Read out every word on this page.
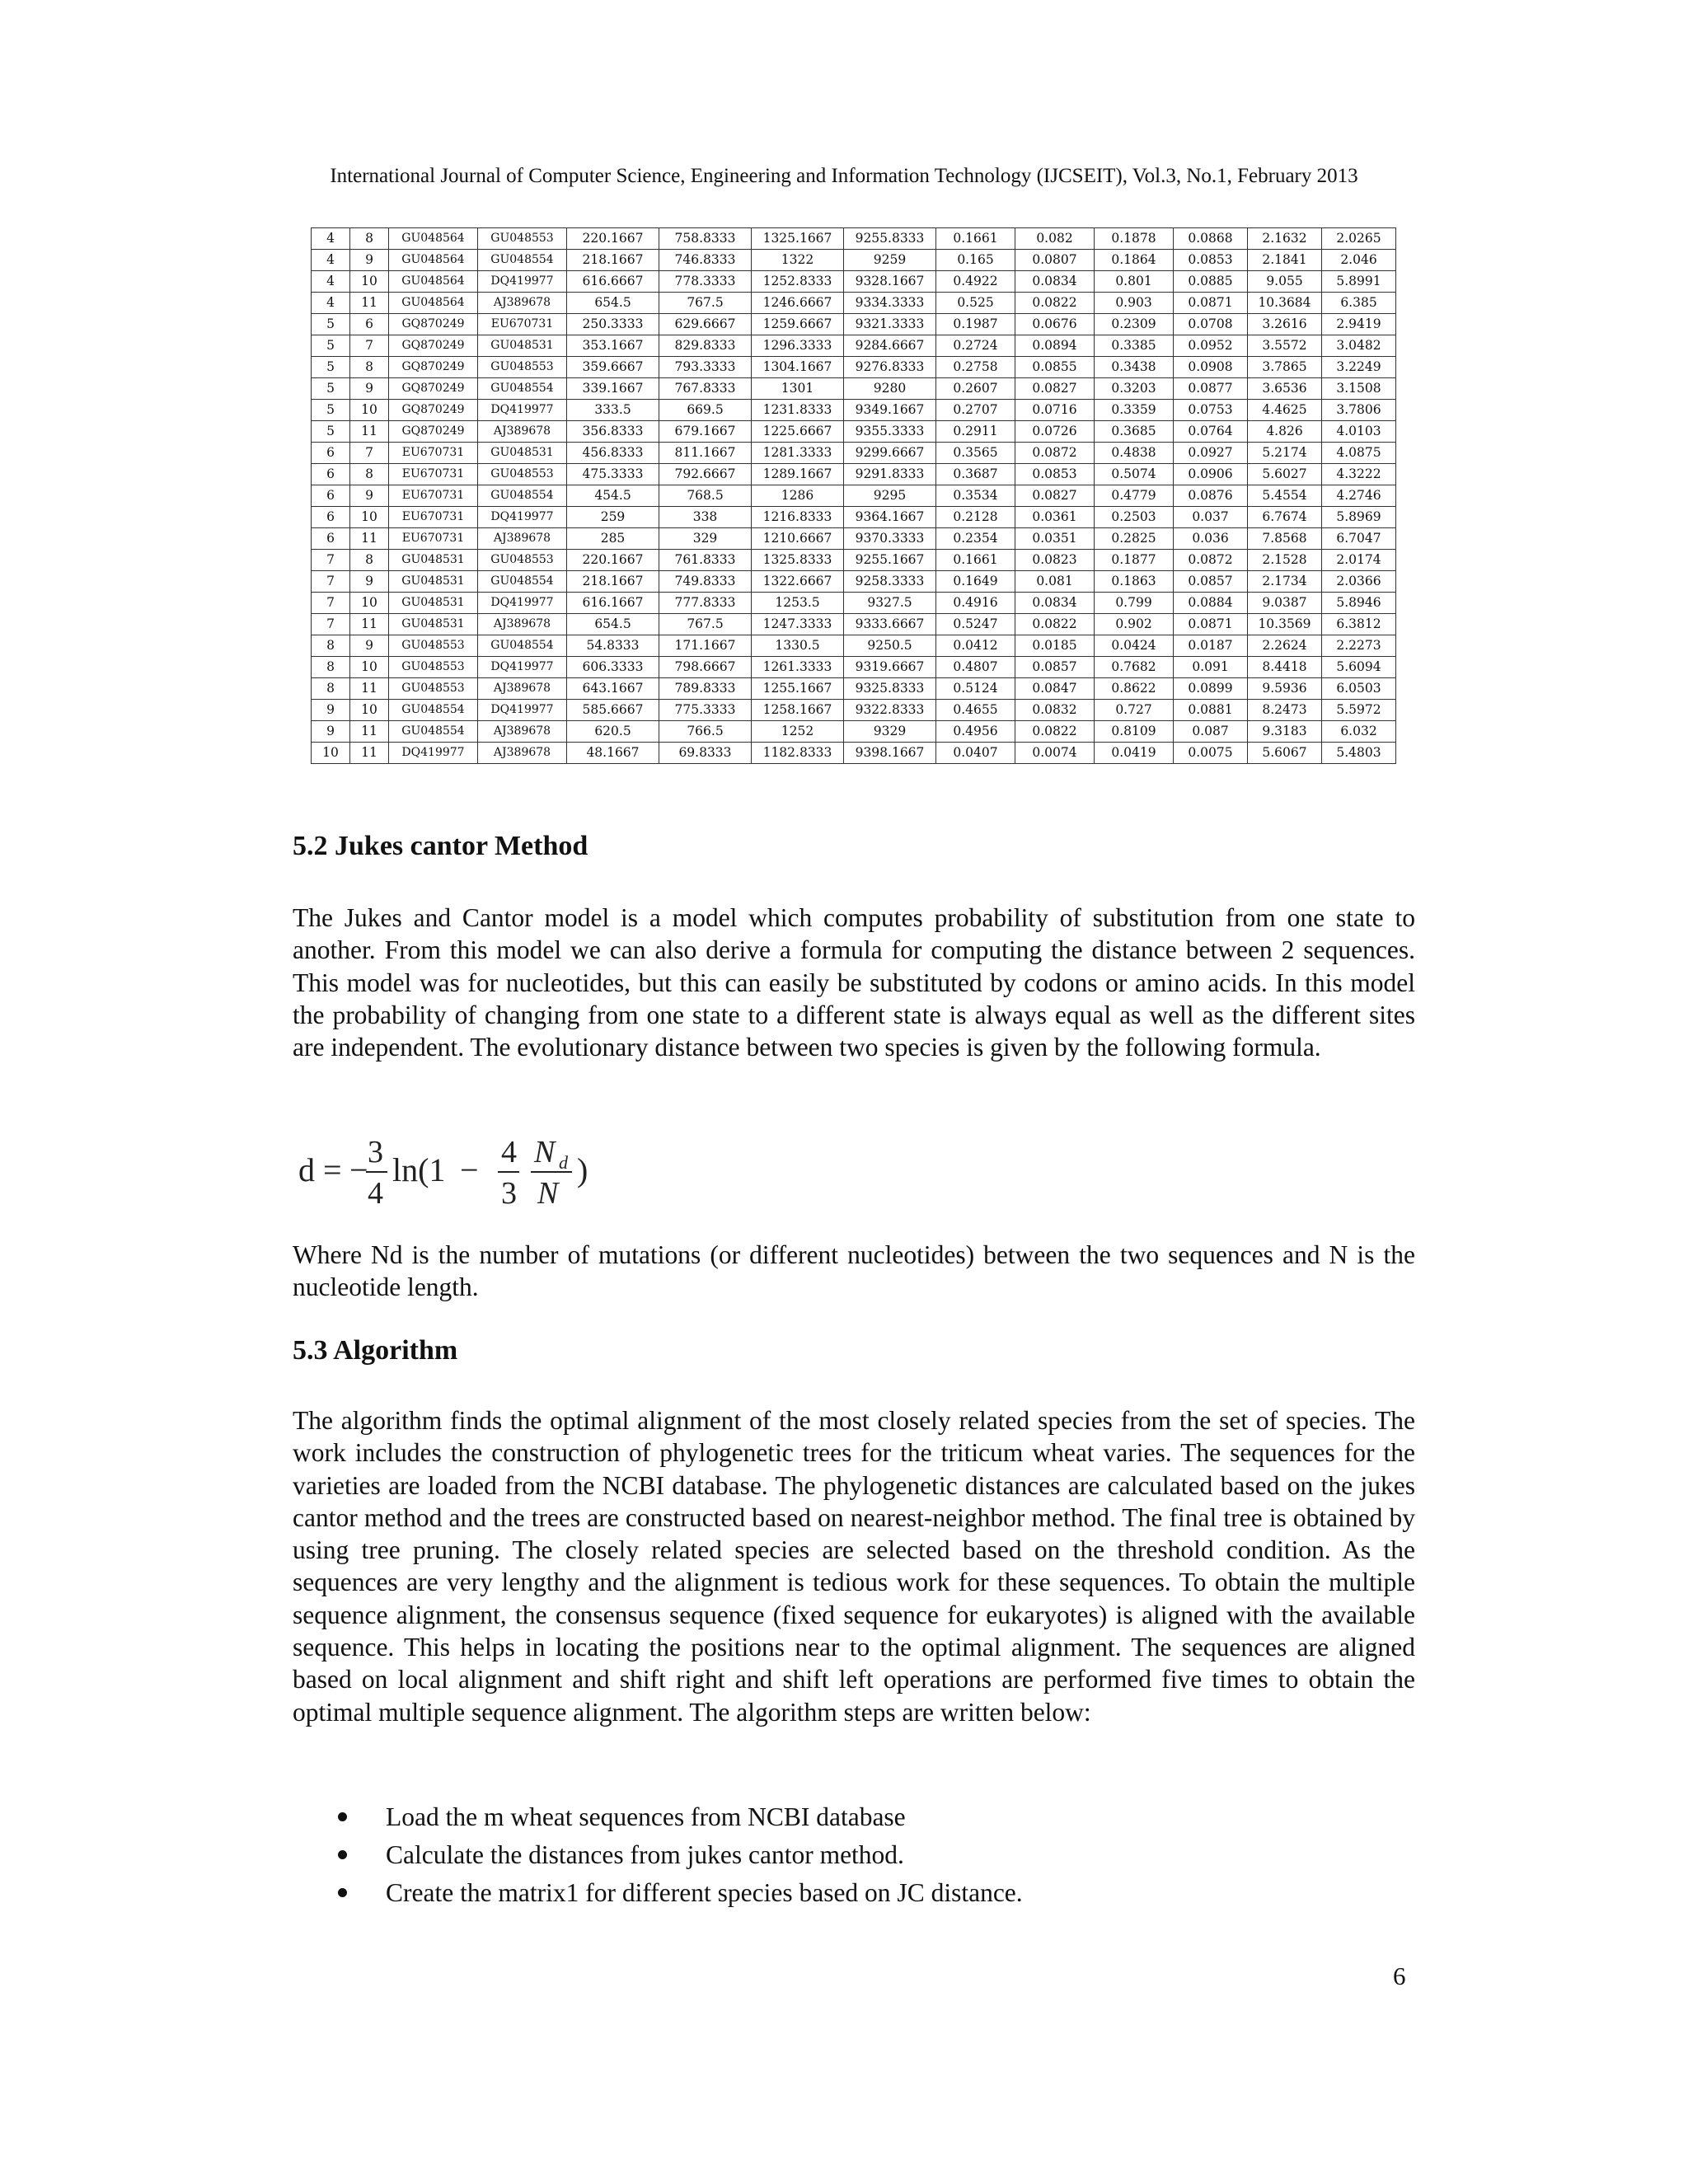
International Journal of Computer Science, Engineering and Information Technology (IJCSEIT), Vol.3, No.1, February 2013
4	8	GU048564	GU048553	220.1667	758.8333	1325.1667	9255.8333	0.1661	0.082	0.1878	0.0868	2.1632	2.0265
4	9	GU048564	GU048554	218.1667	746.8333	1322	9259	0.165	0.0807	0.1864	0.0853	2.1841	2.046
4	10	GU048564	DQ419977	616.6667	778.3333	1252.8333	9328.1667	0.4922	0.0834	0.801	0.0885	9.055	5.8991
4	11	GU048564	AJ389678	654.5	767.5	1246.6667	9334.3333	0.525	0.0822	0.903	0.0871	10.3684	6.385
5	6	GQ870249	EU670731	250.3333	629.6667	1259.6667	9321.3333	0.1987	0.0676	0.2309	0.0708	3.2616	2.9419
5	7	GQ870249	GU048531	353.1667	829.8333	1296.3333	9284.6667	0.2724	0.0894	0.3385	0.0952	3.5572	3.0482
5	8	GQ870249	GU048553	359.6667	793.3333	1304.1667	9276.8333	0.2758	0.0855	0.3438	0.0908	3.7865	3.2249
5	9	GQ870249	GU048554	339.1667	767.8333	1301	9280	0.2607	0.0827	0.3203	0.0877	3.6536	3.1508
5	10	GQ870249	DQ419977	333.5	669.5	1231.8333	9349.1667	0.2707	0.0716	0.3359	0.0753	4.4625	3.7806
5	11	GQ870249	AJ389678	356.8333	679.1667	1225.6667	9355.3333	0.2911	0.0726	0.3685	0.0764	4.826	4.0103
6	7	EU670731	GU048531	456.8333	811.1667	1281.3333	9299.6667	0.3565	0.0872	0.4838	0.0927	5.2174	4.0875
6	8	EU670731	GU048553	475.3333	792.6667	1289.1667	9291.8333	0.3687	0.0853	0.5074	0.0906	5.6027	4.3222
6	9	EU670731	GU048554	454.5	768.5	1286	9295	0.3534	0.0827	0.4779	0.0876	5.4554	4.2746
6	10	EU670731	DQ419977	259	338	1216.8333	9364.1667	0.2128	0.0361	0.2503	0.037	6.7674	5.8969
6	11	EU670731	AJ389678	285	329	1210.6667	9370.3333	0.2354	0.0351	0.2825	0.036	7.8568	6.7047
7	8	GU048531	GU048553	220.1667	761.8333	1325.8333	9255.1667	0.1661	0.0823	0.1877	0.0872	2.1528	2.0174
7	9	GU048531	GU048554	218.1667	749.8333	1322.6667	9258.3333	0.1649	0.081	0.1863	0.0857	2.1734	2.0366
7	10	GU048531	DQ419977	616.1667	777.8333	1253.5	9327.5	0.4916	0.0834	0.799	0.0884	9.0387	5.8946
7	11	GU048531	AJ389678	654.5	767.5	1247.3333	9333.6667	0.5247	0.0822	0.902	0.0871	10.3569	6.3812
8	9	GU048553	GU048554	54.8333	171.1667	1330.5	9250.5	0.0412	0.0185	0.0424	0.0187	2.2624	2.2273
8	10	GU048553	DQ419977	606.3333	798.6667	1261.3333	9319.6667	0.4807	0.0857	0.7682	0.091	8.4418	5.6094
8	11	GU048553	AJ389678	643.1667	789.8333	1255.1667	9325.8333	0.5124	0.0847	0.8622	0.0899	9.5936	6.0503
9	10	GU048554	DQ419977	585.6667	775.3333	1258.1667	9322.8333	0.4655	0.0832	0.727	0.0881	8.2473	5.5972
9	11	GU048554	AJ389678	620.5	766.5	1252	9329	0.4956	0.0822	0.8109	0.087	9.3183	6.032
10	11	DQ419977	AJ389678	48.1667	69.8333	1182.8333	9398.1667	0.0407	0.0074	0.0419	0.0075	5.6067	5.4803
5.2 Jukes cantor Method

The Jukes and Cantor model is a model which computes probability of substitution from one state to another. From this model we can also derive a formula for computing the distance between 2 sequences. This model was for nucleotides, but this can easily be substituted by codons or amino acids. In this model the probability of changing from one state to a different state is always equal as well as the different sites are independent. The evolutionary distance between two species is given by the following formula.

d = − 3
4
ln(1 − 4
3
N d
N
)

Where Nd is the number of mutations (or different nucleotides) between the two sequences and N is the nucleotide length.

5.3 Algorithm

The algorithm finds the optimal alignment of the most closely related species from the set of species. The work includes the construction of phylogenetic trees for the triticum wheat varies. The sequences for the varieties are loaded from the NCBI database. The phylogenetic distances are calculated based on the jukes cantor method and the trees are constructed based on nearest-neighbor method. The final tree is obtained by using tree pruning. The closely related species are selected based on the threshold condition. As the sequences are very lengthy and the alignment is tedious work for these sequences. To obtain the multiple sequence alignment, the consensus sequence (fixed sequence for eukaryotes) is aligned with the available sequence. This helps in locating the positions near to the optimal alignment. The sequences are aligned based on local alignment and shift right and shift left operations are performed five times to obtain the optimal multiple sequence alignment. The algorithm steps are written below:

Load the m wheat sequences from NCBI database
Calculate the distances from jukes cantor method.
Create the matrix1 for different species based on JC distance.
6
